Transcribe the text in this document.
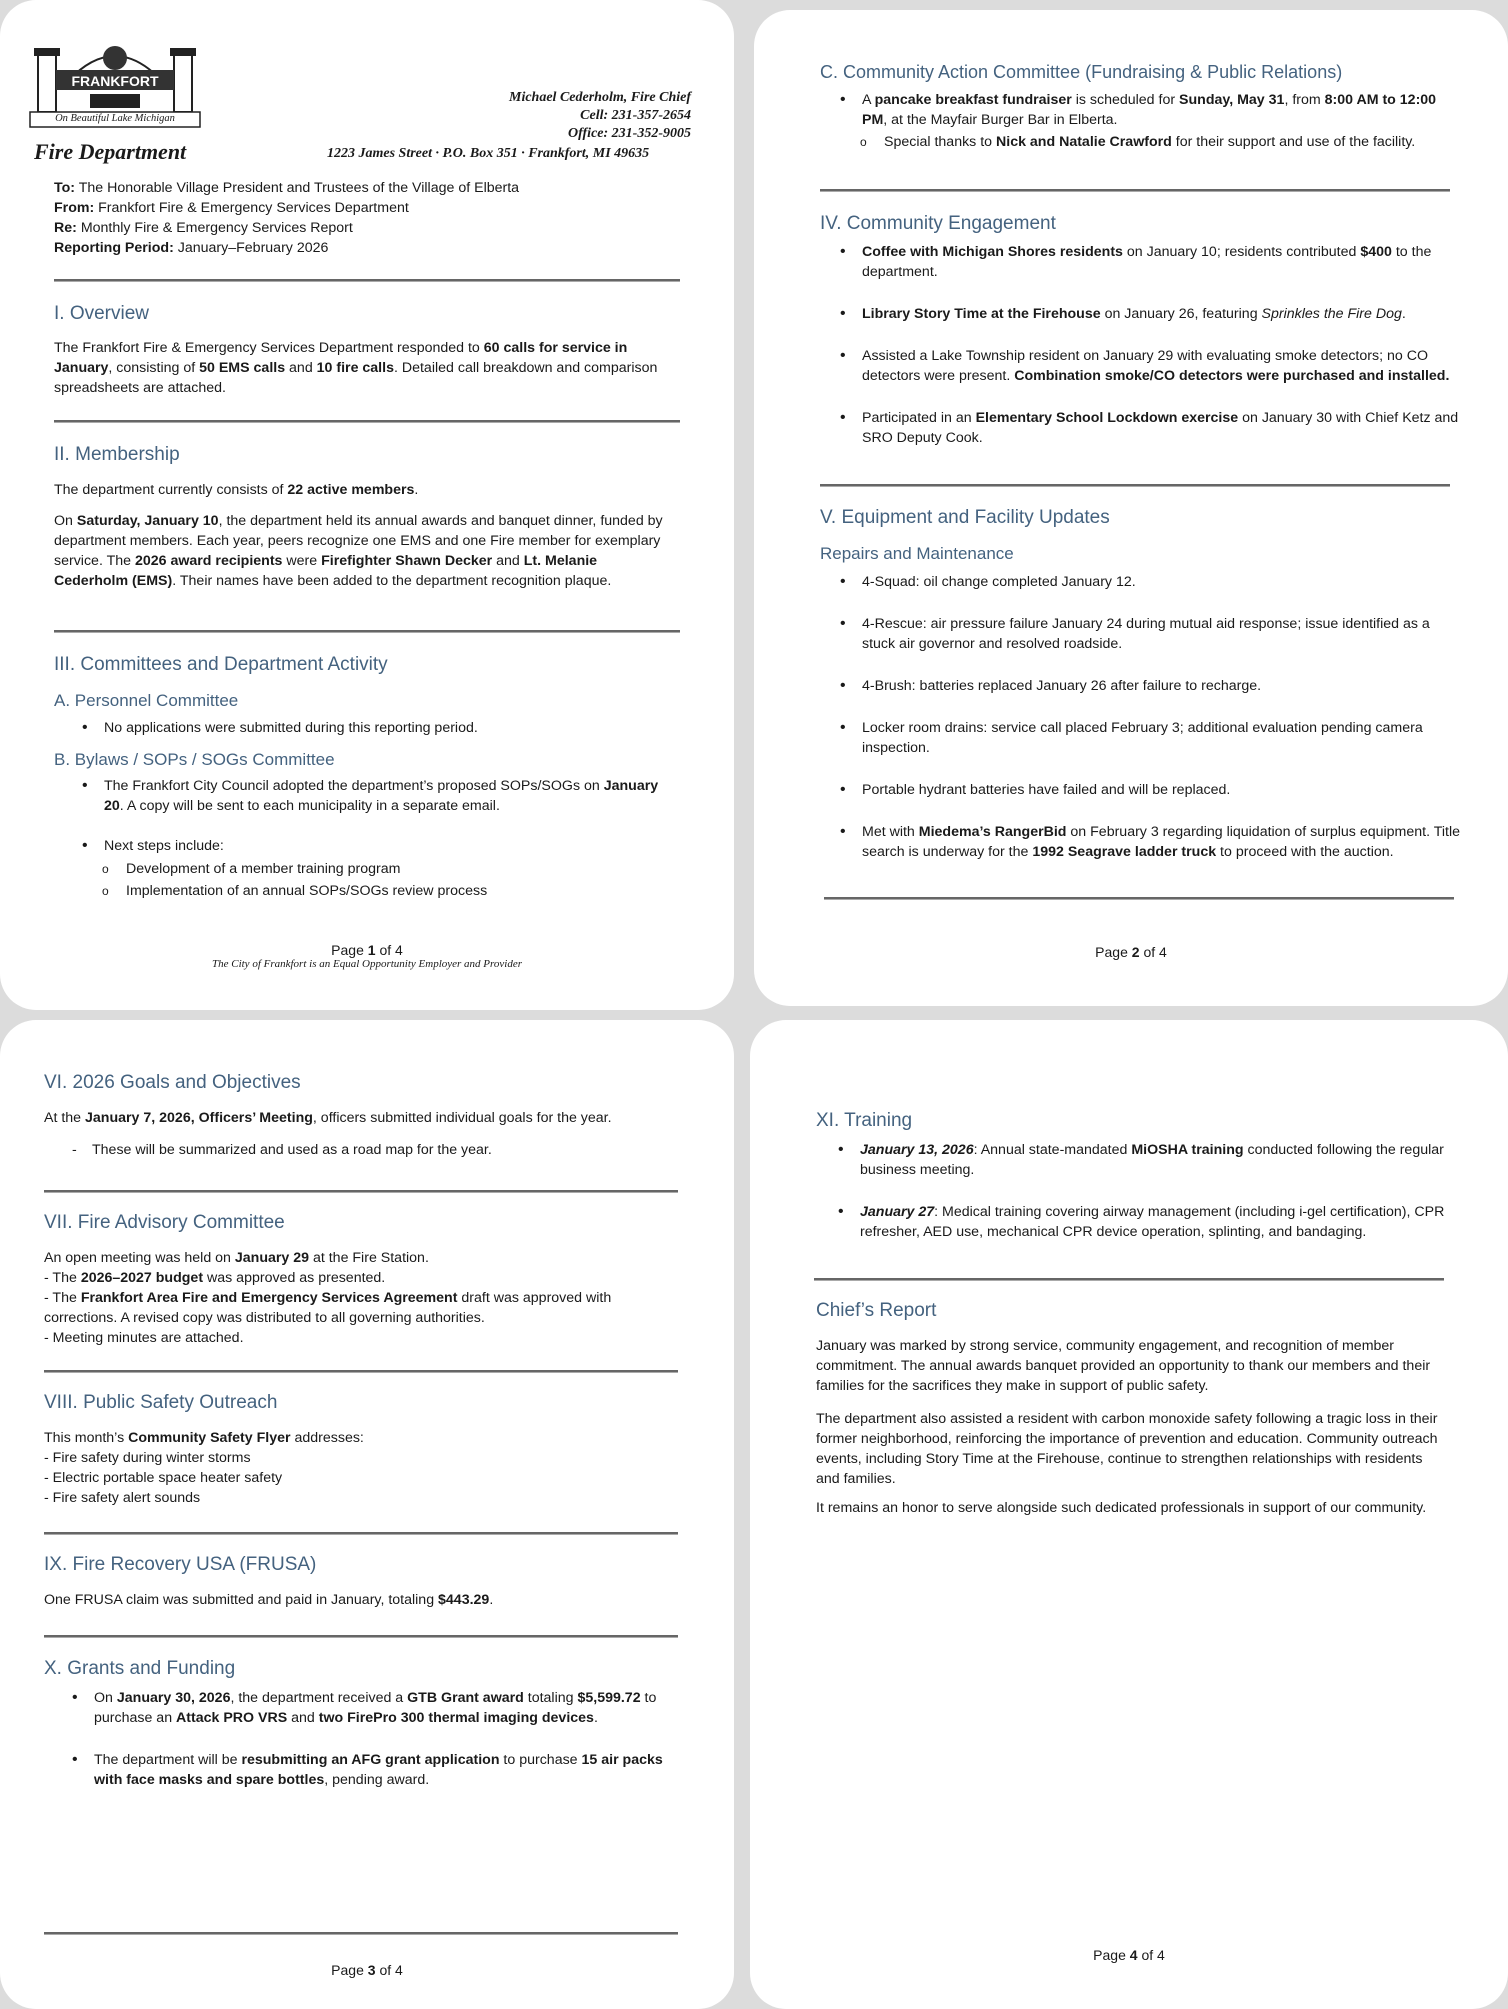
FRANKFORT
On Beautiful Lake Michigan
Fire Department
Michael Cederholm, Fire Chief
Cell: 231-357-2654
Office: 231-352-9005
1223 James Street · P.O. Box 351 · Frankfort, MI 49635
To: The Honorable Village President and Trustees of the Village of Elberta
From: Frankfort Fire & Emergency Services Department
Re: Monthly Fire & Emergency Services Report
Reporting Period: January–February 2026
I. Overview
The Frankfort Fire & Emergency Services Department responded to 60 calls for service in January, consisting of 50 EMS calls and 10 fire calls. Detailed call breakdown and comparison spreadsheets are attached.
II. Membership
The department currently consists of 22 active members.
On Saturday, January 10, the department held its annual awards and banquet dinner, funded by department members. Each year, peers recognize one EMS and one Fire member for exemplary service. The 2026 award recipients were Firefighter Shawn Decker and Lt. Melanie Cederholm (EMS). Their names have been added to the department recognition plaque.
III. Committees and Department Activity
A. Personnel Committee
• No applications were submitted during this reporting period.
B. Bylaws / SOPs / SOGs Committee
• The Frankfort City Council adopted the department’s proposed SOPs/SOGs on January 20. A copy will be sent to each municipality in a separate email.
• Next steps include:
o Development of a member training program
o Implementation of an annual SOPs/SOGs review process
Page 1 of 4
The City of Frankfort is an Equal Opportunity Employer and Provider
C. Community Action Committee (Fundraising & Public Relations)
• A pancake breakfast fundraiser is scheduled for Sunday, May 31, from 8:00 AM to 12:00 PM, at the Mayfair Burger Bar in Elberta.
o Special thanks to Nick and Natalie Crawford for their support and use of the facility.
IV. Community Engagement
• Coffee with Michigan Shores residents on January 10; residents contributed $400 to the department.
• Library Story Time at the Firehouse on January 26, featuring Sprinkles the Fire Dog.
• Assisted a Lake Township resident on January 29 with evaluating smoke detectors; no CO detectors were present. Combination smoke/CO detectors were purchased and installed.
• Participated in an Elementary School Lockdown exercise on January 30 with Chief Ketz and SRO Deputy Cook.
V. Equipment and Facility Updates
Repairs and Maintenance
• 4-Squad: oil change completed January 12.
• 4-Rescue: air pressure failure January 24 during mutual aid response; issue identified as a stuck air governor and resolved roadside.
• 4-Brush: batteries replaced January 26 after failure to recharge.
• Locker room drains: service call placed February 3; additional evaluation pending camera inspection.
• Portable hydrant batteries have failed and will be replaced.
• Met with Miedema’s RangerBid on February 3 regarding liquidation of surplus equipment. Title search is underway for the 1992 Seagrave ladder truck to proceed with the auction.
Page 2 of 4
VI. 2026 Goals and Objectives
At the January 7, 2026, Officers’ Meeting, officers submitted individual goals for the year.
- These will be summarized and used as a road map for the year.
VII. Fire Advisory Committee
An open meeting was held on January 29 at the Fire Station.
- The 2026–2027 budget was approved as presented.
- The Frankfort Area Fire and Emergency Services Agreement draft was approved with corrections. A revised copy was distributed to all governing authorities.
- Meeting minutes are attached.
VIII. Public Safety Outreach
This month’s Community Safety Flyer addresses:
- Fire safety during winter storms
- Electric portable space heater safety
- Fire safety alert sounds
IX. Fire Recovery USA (FRUSA)
One FRUSA claim was submitted and paid in January, totaling $443.29.
X. Grants and Funding
• On January 30, 2026, the department received a GTB Grant award totaling $5,599.72 to purchase an Attack PRO VRS and two FirePro 300 thermal imaging devices.
• The department will be resubmitting an AFG grant application to purchase 15 air packs with face masks and spare bottles, pending award.
Page 3 of 4
XI. Training
• January 13, 2026: Annual state-mandated MiOSHA training conducted following the regular business meeting.
• January 27: Medical training covering airway management (including i-gel certification), CPR refresher, AED use, mechanical CPR device operation, splinting, and bandaging.
Chief’s Report
January was marked by strong service, community engagement, and recognition of member commitment. The annual awards banquet provided an opportunity to thank our members and their families for the sacrifices they make in support of public safety.
The department also assisted a resident with carbon monoxide safety following a tragic loss in their former neighborhood, reinforcing the importance of prevention and education. Community outreach events, including Story Time at the Firehouse, continue to strengthen relationships with residents and families.
It remains an honor to serve alongside such dedicated professionals in support of our community.
Page 4 of 4
